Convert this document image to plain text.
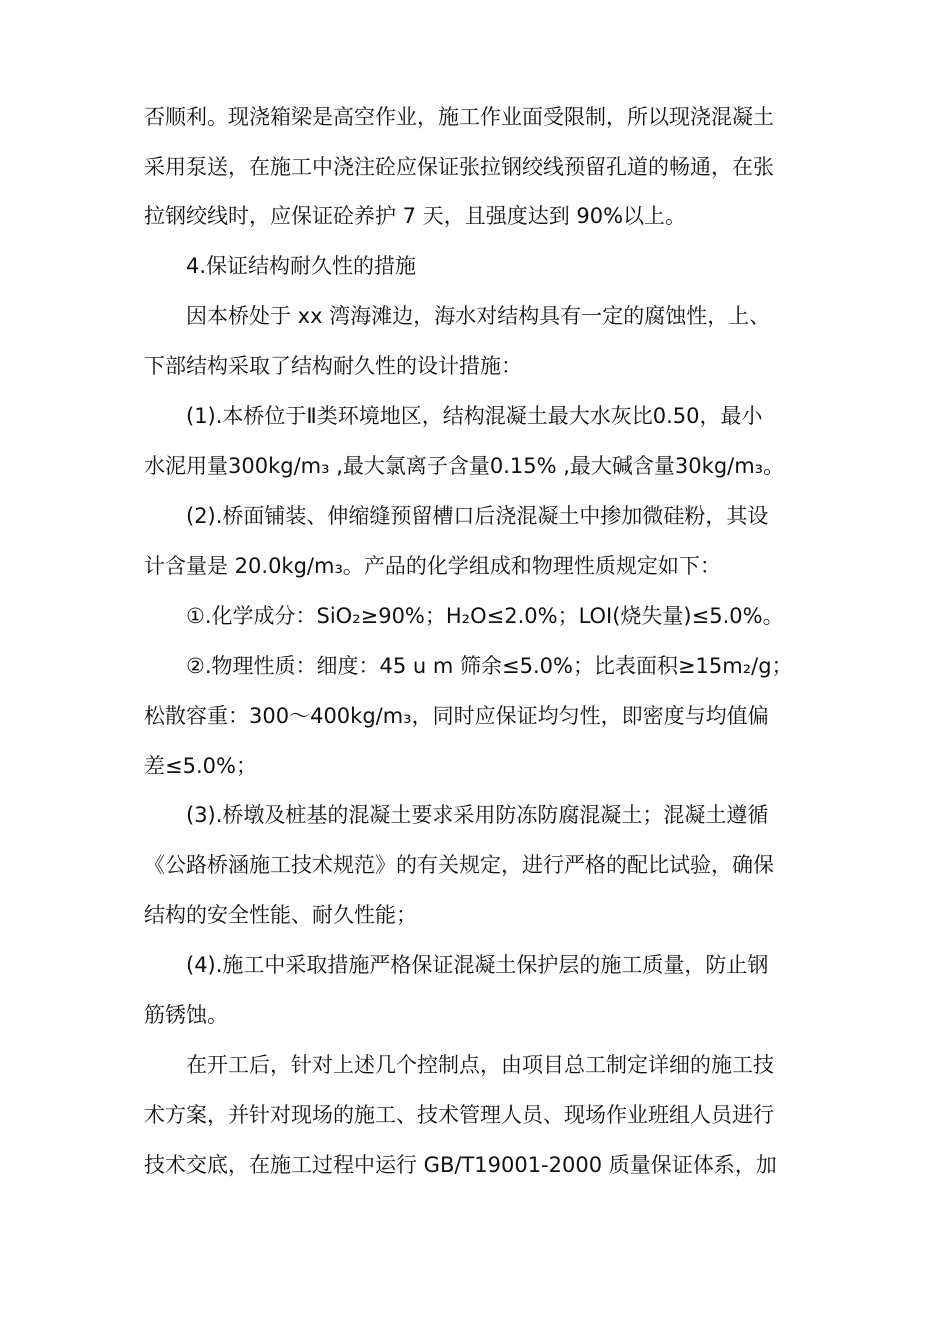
否顺利。现浇箱梁是高空作业，施工作业面受限制，所以现浇混凝土
采用泵送，在施工中浇注砼应保证张拉钢绞线预留孔道的畅通，在张
拉钢绞线时，应保证砼养护 7 天，且强度达到 90%以上。
4.保证结构耐久性的措施
因本桥处于 xx 湾海滩边，海水对结构具有一定的腐蚀性，上、
下部结构采取了结构耐久性的设计措施：
(1).本桥位于Ⅱ类环境地区，结构混凝土最大水灰比0.50，最小
水泥用量300kg/m₃ ,最大氯离子含量0.15% ,最大碱含量30kg/m₃。
(2).桥面铺装、伸缩缝预留槽口后浇混凝土中掺加微硅粉，其设
计含量是 20.0kg/m₃。产品的化学组成和物理性质规定如下：
①.化学成分：SiO₂≥90%；H₂O≤2.0%；LOI(烧失量)≤5.0%。
②.物理性质：细度：45 u m 筛余≤5.0%；比表面积≥15m₂/g；
松散容重：300～400kg/m₃，同时应保证均匀性，即密度与均值偏
差≤5.0%；
(3).桥墩及桩基的混凝土要求采用防冻防腐混凝土；混凝土遵循
《公路桥涵施工技术规范》的有关规定，进行严格的配比试验，确保
结构的安全性能、耐久性能；
(4).施工中采取措施严格保证混凝土保护层的施工质量，防止钢
筋锈蚀。
在开工后，针对上述几个控制点，由项目总工制定详细的施工技
术方案，并针对现场的施工、技术管理人员、现场作业班组人员进行
技术交底，在施工过程中运行 GB/T19001-2000 质量保证体系，加
